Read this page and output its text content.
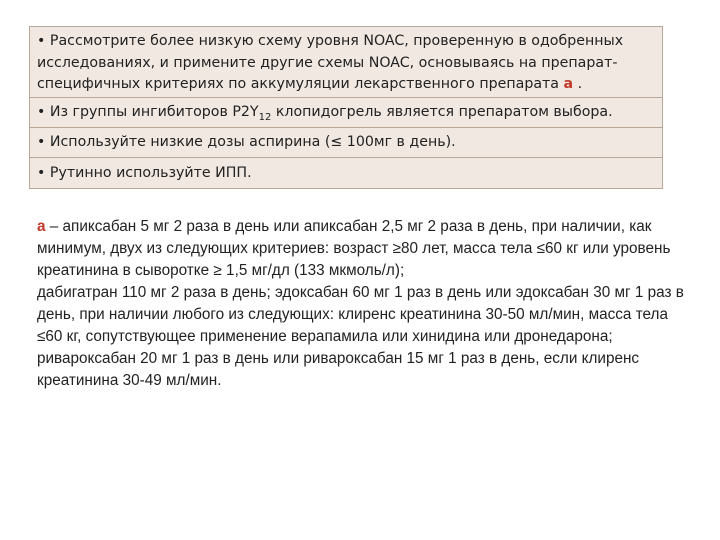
• Рассмотрите более низкую схему уровня NOAC, проверенную в одобренных исследованиях, и примените другие схемы NOAC, основываясь на препарат-специфичных критериях по аккумуляции лекарственного препарата a .
• Из группы ингибиторов $P2Y_{12}$ клопидогрель является препаратом выбора.
• Используйте низкие дозы аспирина (≤ 100мг в день).
• Рутинно используйте ИПП.

а – апиксабан 5 мг 2 раза в день или апиксабан 2,5 мг 2 раза в день, при наличии, как минимум, двух из следующих критериев: возраст ≥80 лет, масса тела ≤60 кг или уровень креатинина в сыворотке ≥ 1,5 мг/дл (133 мкмоль/л);

дабигатран 110 мг 2 раза в день; эдоксабан 60 мг 1 раз в день или эдоксабан 30 мг 1 раз в день, при наличии любого из следующих: клиренс креатинина 30-50 мл/мин, масса тела ≤60 кг, сопутствующее применение верапамила или хинидина или дронедарона;

ривароксабан 20 мг 1 раз в день или ривароксабан 15 мг 1 раз в день, если клиренс креатинина 30-49 мл/мин.
